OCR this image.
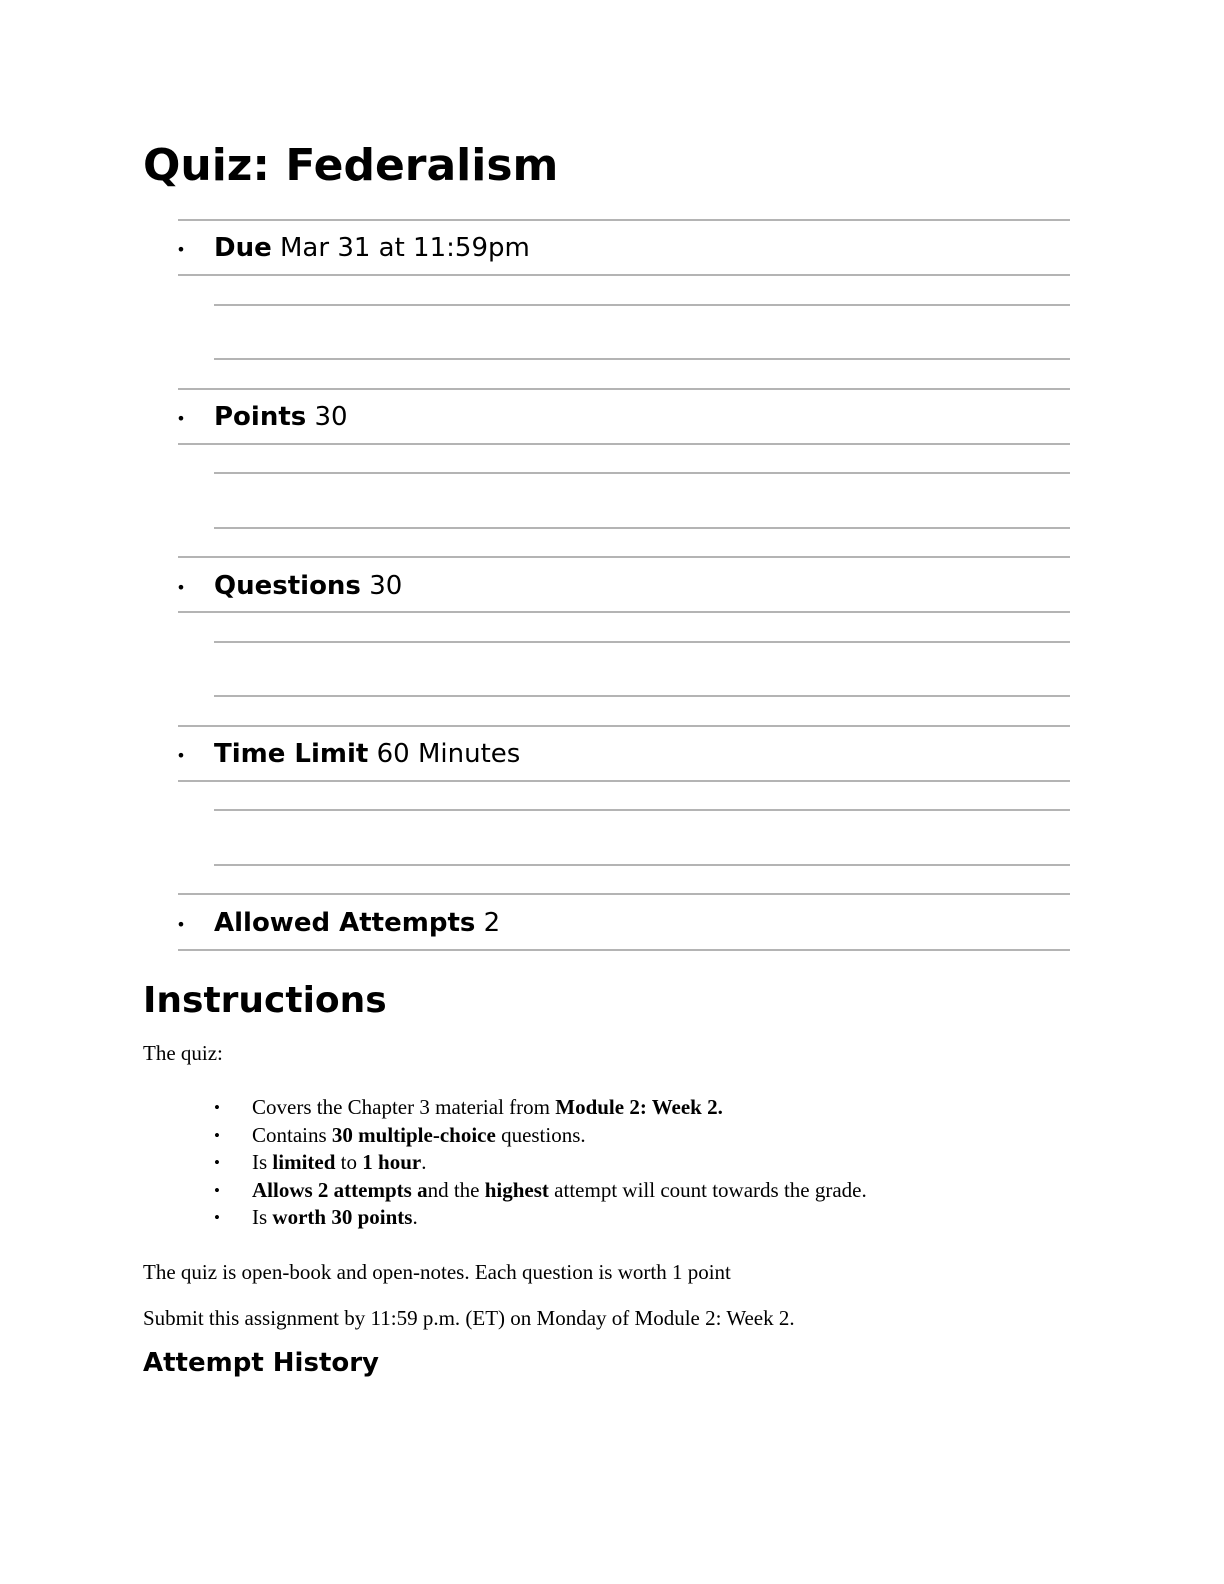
Quiz: Federalism
• Due Mar 31 at 11:59pm
• Points 30
• Questions 30
• Time Limit 60 Minutes
• Allowed Attempts 2
Instructions

The quiz:

• Covers the Chapter 3 material from Module 2: Week 2.
• Contains 30 multiple-choice questions.
• Is limited to 1 hour.
• Allows 2 attempts and the highest attempt will count towards the grade.
• Is worth 30 points.

The quiz is open-book and open-notes. Each question is worth 1 point

Submit this assignment by 11:59 p.m. (ET) on Monday of Module 2: Week 2.

Attempt History
